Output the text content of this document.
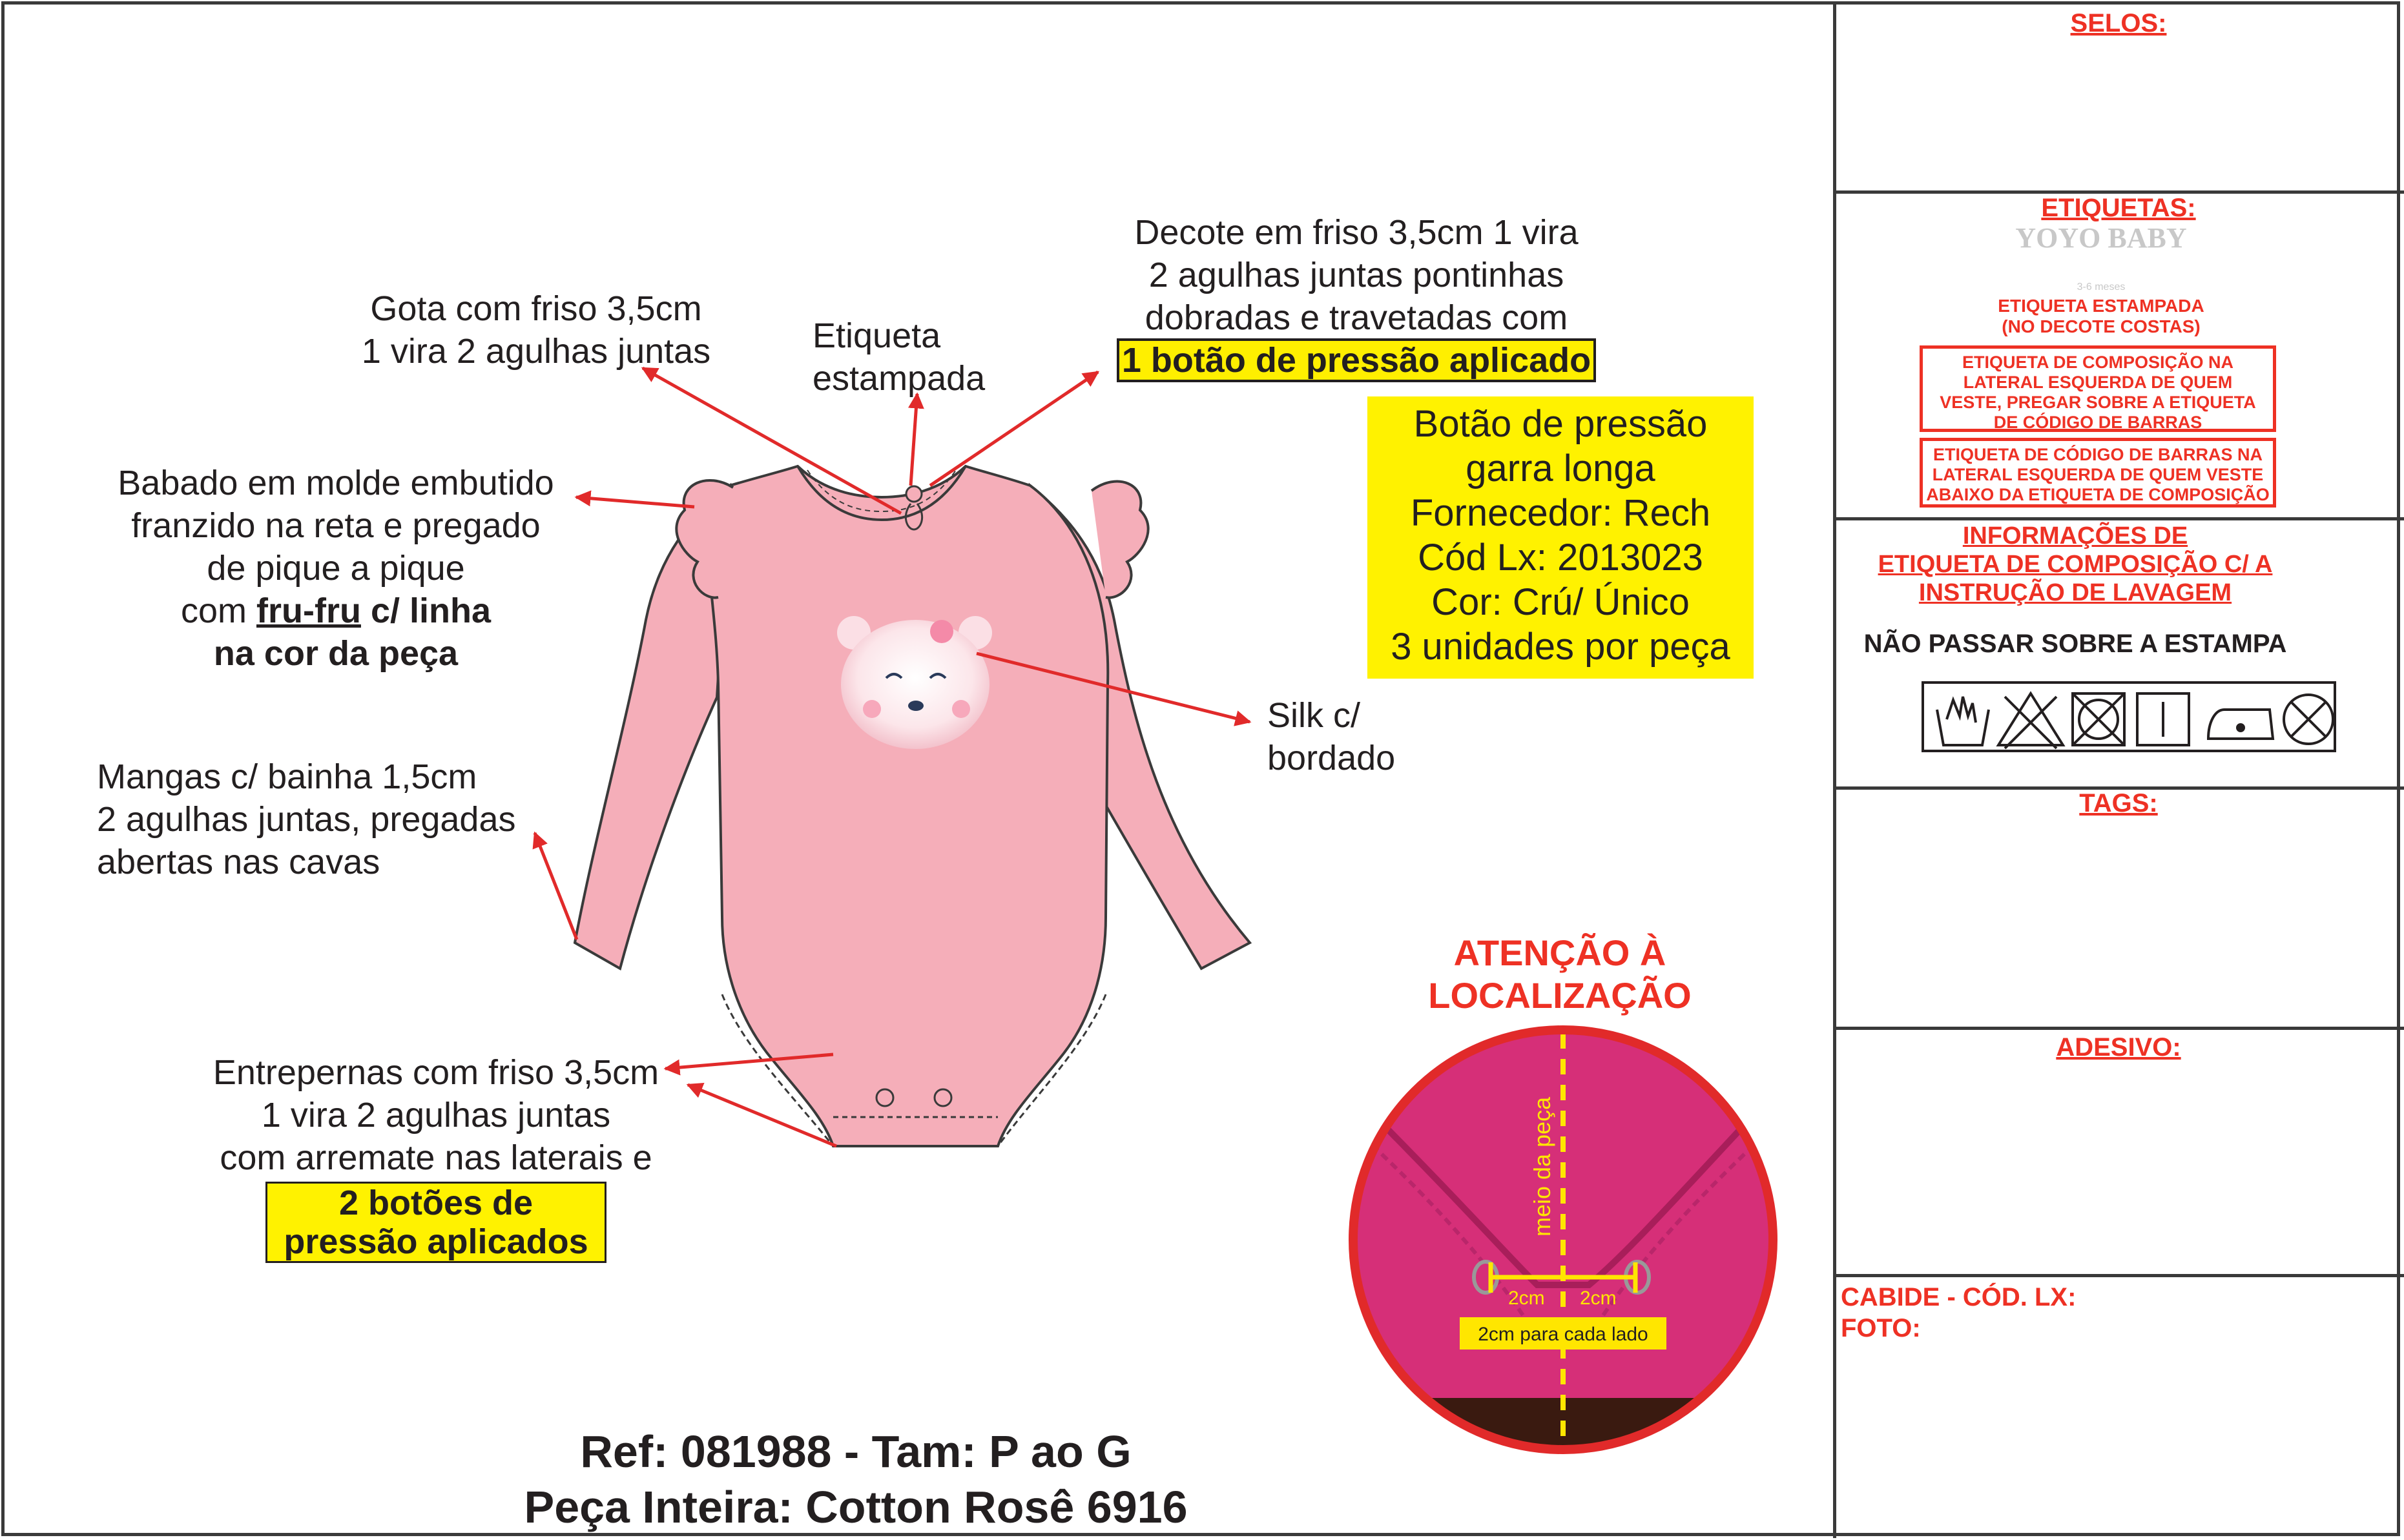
meio da peça
2cm 2cm
2cm para cada lado
Gota com friso 3,5cm
1 vira 2 agulhas juntas	Etiqueta
estampada
Decote em friso 3,5cm 1 vira
2 agulhas juntas pontinhas
dobradas e travetadas com
1 botão de pressão aplicado
Babado em molde embutido
franzido na reta e pregado
de pique a pique
com fru-fru c/ linha
na cor da peça
Mangas c/ bainha 1,5cm
2 agulhas juntas, pregadas
abertas nas cavas
Silk c/
bordado
Entrepernas com friso 3,5cm
1 vira 2 agulhas juntas
com arremate nas laterais e
2 botões de
pressão aplicados
Botão de pressão
garra longa
Fornecedor: Rech
Cód Lx: 2013023
Cor: Crú/ Único
3 unidades por peça
ATENÇÃO À
LOCALIZAÇÃO
Ref: 081988 - Tam: P ao G
Peça Inteira: Cotton Rosê 6916
SELOS:
ETIQUETAS:
YOYO BABY
3-6 meses
ETIQUETA ESTAMPADA
(NO DECOTE COSTAS)
ETIQUETA DE COMPOSIÇÃO NA
LATERAL ESQUERDA DE QUEM
VESTE, PREGAR SOBRE A ETIQUETA
DE CÓDIGO DE BARRAS
ETIQUETA DE CÓDIGO DE BARRAS NA
LATERAL ESQUERDA DE QUEM VESTE
ABAIXO DA ETIQUETA DE COMPOSIÇÃO
INFORMAÇÕES DE
ETIQUETA DE COMPOSIÇÃO C/ A
INSTRUÇÃO DE LAVAGEM
NÃO PASSAR SOBRE A ESTAMPA
TAGS:
ADESIVO:
CABIDE - CÓD. LX:
FOTO:
